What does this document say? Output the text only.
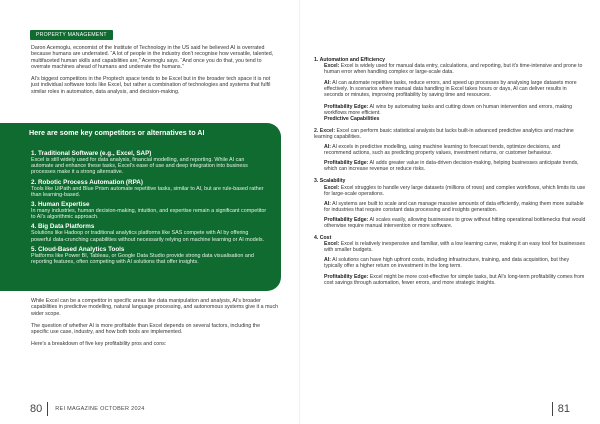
PROPERTY MANAGEMENT

Daron Acemoglu, economist of the Institute of Technology in the US said he believed AI is overrated because humans are underrated. “A lot of people in the industry don't recognise how versatile, talented, multifaceted human skills and capabilities are,” Acemoglu says. “And once you do that, you tend to overrate machines ahead of humans and underrate the humans.”

AI's biggest competitors in the Proptech space tends to be Excel but in the broader tech space it is not just individual software tools like Excel, but rather a combination of technologies and systems that fulfil similar roles in automation, data analysis, and decision-making.

Here are some key competitors or alternatives to AI
1. Traditional Software (e.g., Excel, SAP)
Excel is still widely used for data analysis, financial modelling, and reporting. While AI can automate and enhance these tasks, Excel's ease of use and deep integration into business processes make it a strong alternative.
2. Robotic Process Automation (RPA)
Tools like UiPath and Blue Prism automate repetitive tasks, similar to AI, but are rule-based rather than learning-based.
3. Human Expertise
In many industries, human decision-making, intuition, and expertise remain a significant competitor to AI's algorithmic approach.
4. Big Data Platforms
Solutions like Hadoop or traditional analytics platforms like SAS compete with AI by offering powerful data-crunching capabilities without necessarily relying on machine learning or AI models.
5. Cloud-Based Analytics Tools
Platforms like Power BI, Tableau, or Google Data Studio provide strong data visualisation and reporting features, often competing with AI solutions that offer insights.

While Excel can be a competitor in specific areas like data manipulation and analysis, AI's broader capabilities in predictive modelling, natural language processing, and autonomous systems give it a much wider scope.

The question of whether AI is more profitable than Excel depends on several factors, including the specific use case, industry, and how both tools are implemented.

Here's a breakdown of five key profitability pros and cons:

80 REI MAGAZINE OCTOBER 2024
1. Automation and Efficiency
Excel: Excel is widely used for manual data entry, calculations, and reporting, but it's time-intensive and prone to human error when handling complex or large-scale data.
AI: AI can automate repetitive tasks, reduce errors, and speed up processes by analysing large datasets more effectively. In scenarios where manual data handling in Excel takes hours or days, AI can deliver results in seconds or minutes, improving profitability by saving time and resources.
Profitability Edge: AI wins by automating tasks and cutting down on human intervention and errors, making workflows more efficient.
Predictive Capabilities
2. Excel: Excel can perform basic statistical analysis but lacks built-in advanced predictive analytics and machine learning capabilities.
AI: AI excels in predictive modelling, using machine learning to forecast trends, optimize decisions, and recommend actions, such as predicting property values, investment returns, or customer behaviour.
Profitability Edge: AI adds greater value in data-driven decision-making, helping businesses anticipate trends, which can increase revenue or reduce risks.
3. Scalability
Excel: Excel struggles to handle very large datasets (millions of rows) and complex workflows, which limits its use for large-scale operations.
AI: AI systems are built to scale and can manage massive amounts of data efficiently, making them more suitable for industries that require constant data processing and insights generation.
Profitability Edge: AI scales easily, allowing businesses to grow without hitting operational bottlenecks that would otherwise require manual intervention or more software.
4. Cost
Excel: Excel is relatively inexpensive and familiar, with a low learning curve, making it an easy tool for businesses with smaller budgets.
AI: AI solutions can have high upfront costs, including infrastructure, training, and data acquisition, but they typically offer a higher return on investment in the long term.
Profitability Edge: Excel might be more cost-effective for simple tasks, but AI's long-term profitability comes from cost savings through automation, fewer errors, and more strategic insights.
81
